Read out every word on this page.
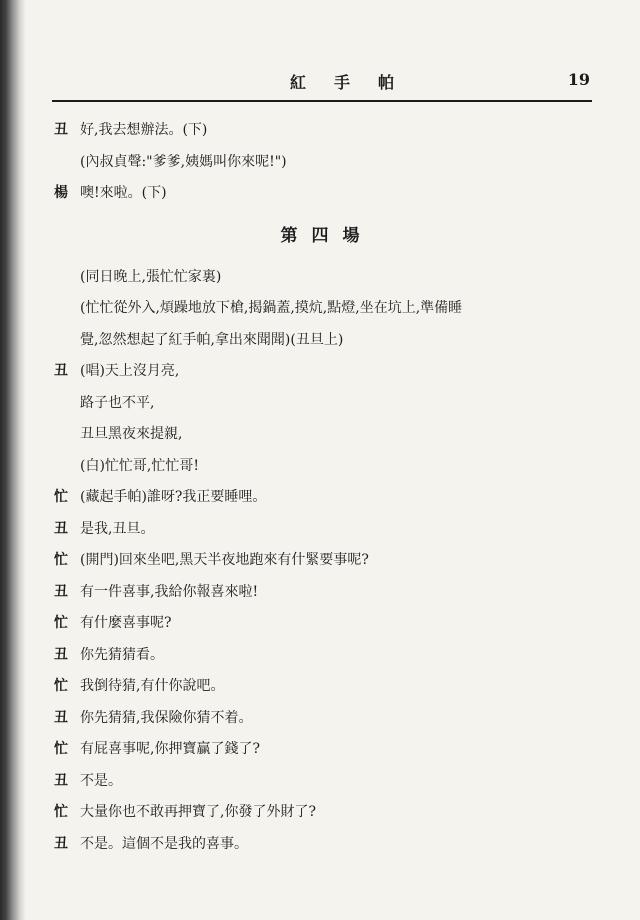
紅手帕	19
丑 好,我去想辦法。(下)
(內叔貞聲:"爹爹,姨媽叫你來呢!")
楊 噢!來啦。(下)
第四場
(同日晚上,張忙忙家裏)
(忙忙從外入,煩躁地放下槍,揭鍋蓋,摸炕,點燈,坐在坑上,準備睡
覺,忽然想起了紅手帕,拿出來聞聞)(丑旦上)
丑 (唱)天上沒月亮,
路子也不平,
丑旦黑夜來提親,
(白)忙忙哥,忙忙哥!
忙 (藏起手帕)誰呀?我正要睡哩。
丑 是我,丑旦。
忙 (開門)回來坐吧,黑天半夜地跑來有什緊要事呢?
丑 有一件喜事,我給你報喜來啦!
忙 有什麼喜事呢?
丑 你先猜猜看。
忙 我倒待猜,有什你說吧。
丑 你先猜猜,我保險你猜不着。
忙 有屁喜事呢,你押寶贏了錢了?
丑 不是。
忙 大量你也不敢再押寶了,你發了外財了?
丑 不是。這個不是我的喜事。
